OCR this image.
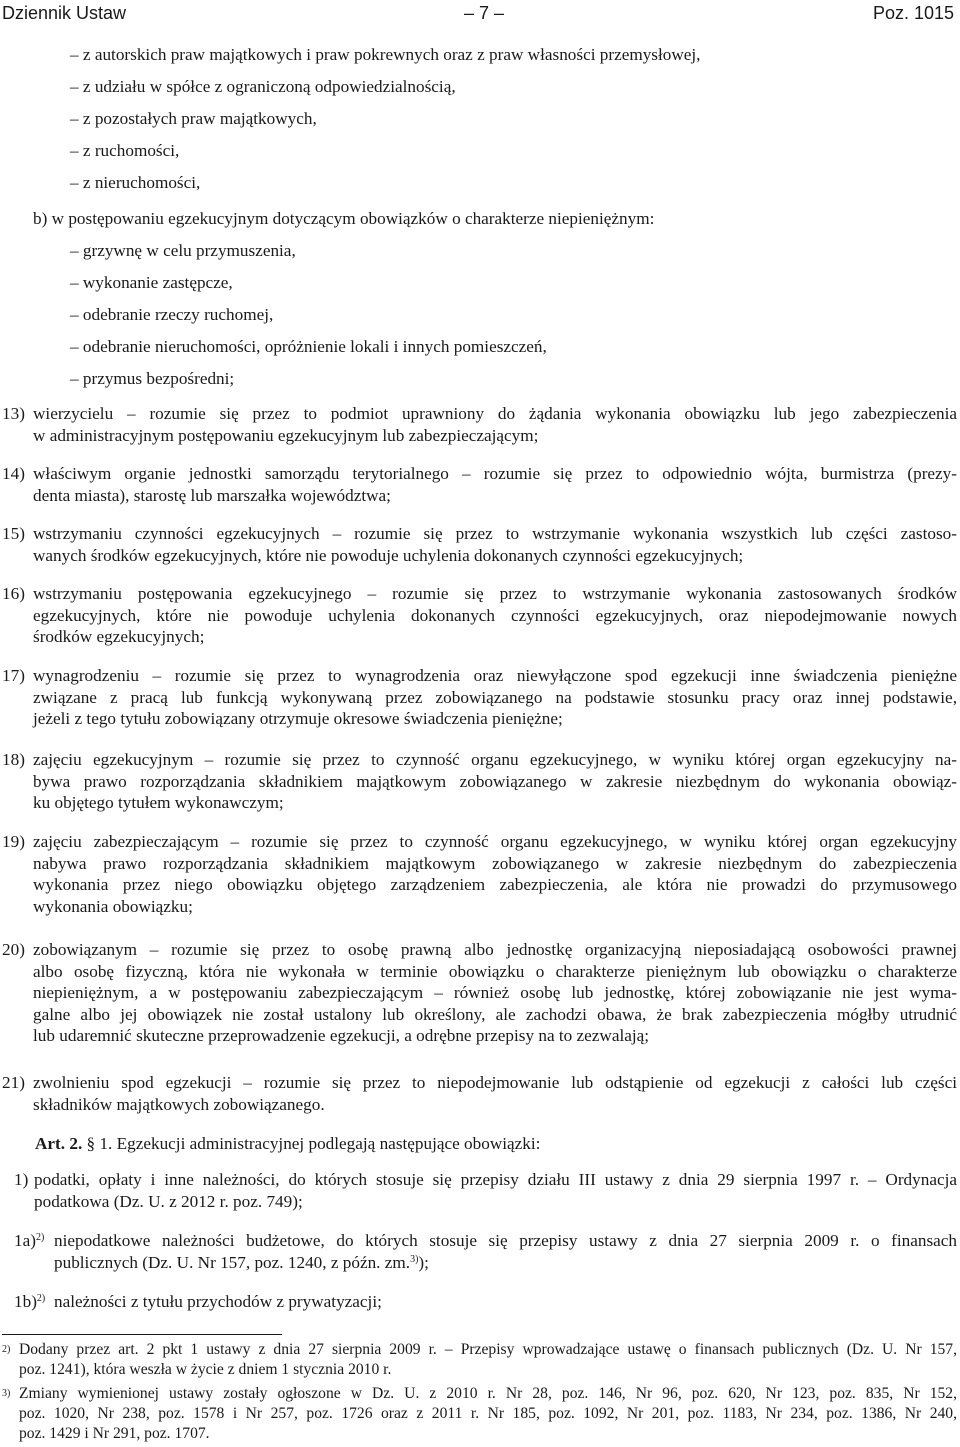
Dziennik Ustaw	– 7 –	Poz. 1015
– z autorskich praw majątkowych i praw pokrewnych oraz z praw własności przemysłowej,
– z udziału w spółce z ograniczoną odpowiedzialnością,
– z pozostałych praw majątkowych,
– z ruchomości,
– z nieruchomości,
b) w postępowaniu egzekucyjnym dotyczącym obowiązków o charakterze niepieniężnym:
– grzywnę w celu przymuszenia,
– wykonanie zastępcze,
– odebranie rzeczy ruchomej,
– odebranie nieruchomości, opróżnienie lokali i innych pomieszczeń,
– przymus bezpośredni;
13) wierzycielu – rozumie się przez to podmiot uprawniony do żądania wykonania obowiązku lub jego zabezpieczenia
w administracyjnym postępowaniu egzekucyjnym lub zabezpieczającym;
14) właściwym organie jednostki samorządu terytorialnego – rozumie się przez to odpowiednio wójta, burmistrza (prezy-
denta miasta), starostę lub marszałka województwa;
15) wstrzymaniu czynności egzekucyjnych – rozumie się przez to wstrzymanie wykonania wszystkich lub części zastoso-
wanych środków egzekucyjnych, które nie powoduje uchylenia dokonanych czynności egzekucyjnych;
16) wstrzymaniu postępowania egzekucyjnego – rozumie się przez to wstrzymanie wykonania zastosowanych środków
egzekucyjnych, które nie powoduje uchylenia dokonanych czynności egzekucyjnych, oraz niepodejmowanie nowych
środków egzekucyjnych;
17) wynagrodzeniu – rozumie się przez to wynagrodzenia oraz niewyłączone spod egzekucji inne świadczenia pieniężne
związane z pracą lub funkcją wykonywaną przez zobowiązanego na podstawie stosunku pracy oraz innej podstawie,
jeżeli z tego tytułu zobowiązany otrzymuje okresowe świadczenia pieniężne;
18) zajęciu egzekucyjnym – rozumie się przez to czynność organu egzekucyjnego, w wyniku której organ egzekucyjny na-
bywa prawo rozporządzania składnikiem majątkowym zobowiązanego w zakresie niezbędnym do wykonania obowiąz-
ku objętego tytułem wykonawczym;
19) zajęciu zabezpieczającym – rozumie się przez to czynność organu egzekucyjnego, w wyniku której organ egzekucyjny
nabywa prawo rozporządzania składnikiem majątkowym zobowiązanego w zakresie niezbędnym do zabezpieczenia
wykonania przez niego obowiązku objętego zarządzeniem zabezpieczenia, ale która nie prowadzi do przymusowego
wykonania obowiązku;
20) zobowiązanym – rozumie się przez to osobę prawną albo jednostkę organizacyjną nieposiadającą osobowości prawnej
albo osobę fizyczną, która nie wykonała w terminie obowiązku o charakterze pieniężnym lub obowiązku o charakterze
niepieniężnym, a w postępowaniu zabezpieczającym – również osobę lub jednostkę, której zobowiązanie nie jest wyma-
galne albo jej obowiązek nie został ustalony lub określony, ale zachodzi obawa, że brak zabezpieczenia mógłby utrudnić
lub udaremnić skuteczne przeprowadzenie egzekucji, a odrębne przepisy na to zezwalają;
21) zwolnieniu spod egzekucji – rozumie się przez to niepodejmowanie lub odstąpienie od egzekucji z całości lub części
składników majątkowych zobowiązanego.
Art. 2. § 1. Egzekucji administracyjnej podlegają następujące obowiązki:
1) podatki, opłaty i inne należności, do których stosuje się przepisy działu III ustawy z dnia 29 sierpnia 1997 r. – Ordynacja
podatkowa (Dz. U. z 2012 r. poz. 749);
1a)$^{2)}$ niepodatkowe należności budżetowe, do których stosuje się przepisy ustawy z dnia 27 sierpnia 2009 r. o finansach
publicznych (Dz. U. Nr 157, poz. 1240, z późn. zm.$^{3)}$);
1b)$^{2)}$ należności z tytułu przychodów z prywatyzacji;
2) Dodany przez art. 2 pkt 1 ustawy z dnia 27 sierpnia 2009 r. – Przepisy wprowadzające ustawę o finansach publicznych (Dz. U. Nr 157,
poz. 1241), która weszła w życie z dniem 1 stycznia 2010 r.
3) Zmiany wymienionej ustawy zostały ogłoszone w Dz. U. z 2010 r. Nr 28, poz. 146, Nr 96, poz. 620, Nr 123, poz. 835, Nr 152,
poz. 1020, Nr 238, poz. 1578 i Nr 257, poz. 1726 oraz z 2011 r. Nr 185, poz. 1092, Nr 201, poz. 1183, Nr 234, poz. 1386, Nr 240,
poz. 1429 i Nr 291, poz. 1707.
